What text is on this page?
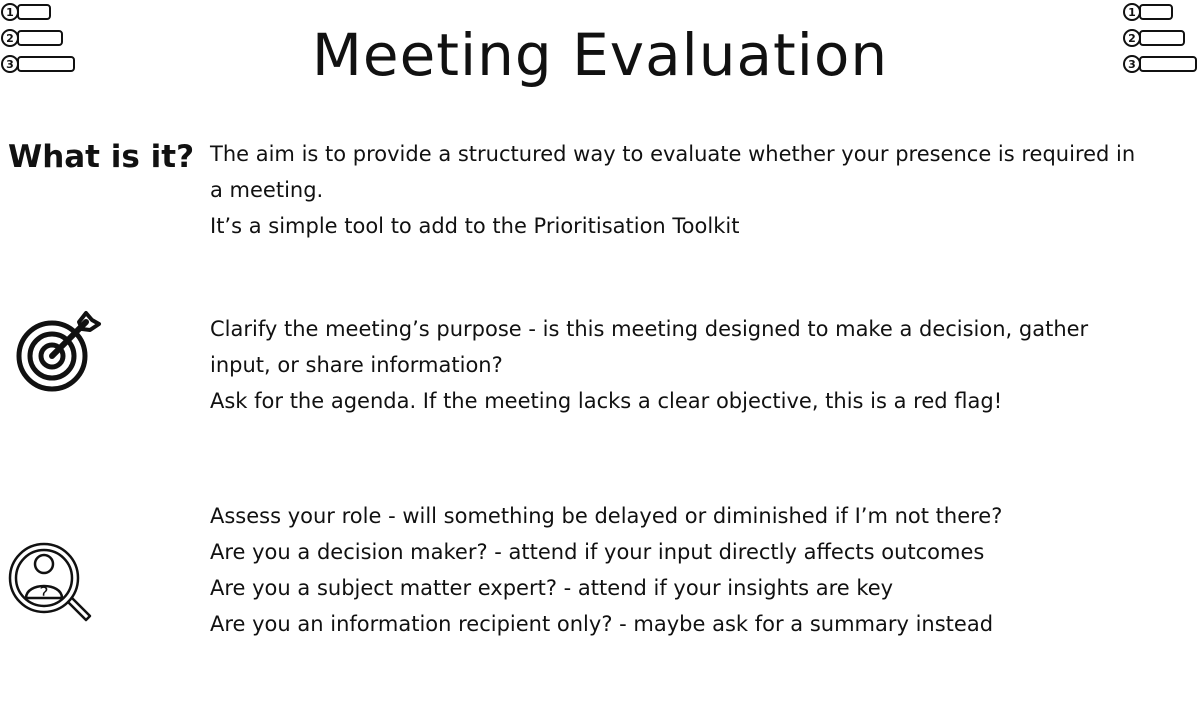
Meeting Evaluation
1
2
3
1
2
3
What is it? The aim is to provide a structured way to evaluate whether your presence is required in a meeting.

It’s a simple tool to add to the Prioritisation Toolkit

Clarify the meeting’s purpose - is this meeting designed to make a decision, gather input, or share information?

Ask for the agenda. If the meeting lacks a clear objective, this is a red flag!

?

Assess your role - will something be delayed or diminished if I’m not there?

Are you a decision maker? - attend if your input directly affects outcomes

Are you a subject matter expert? - attend if your insights are key

Are you an information recipient only? - maybe ask for a summary instead
